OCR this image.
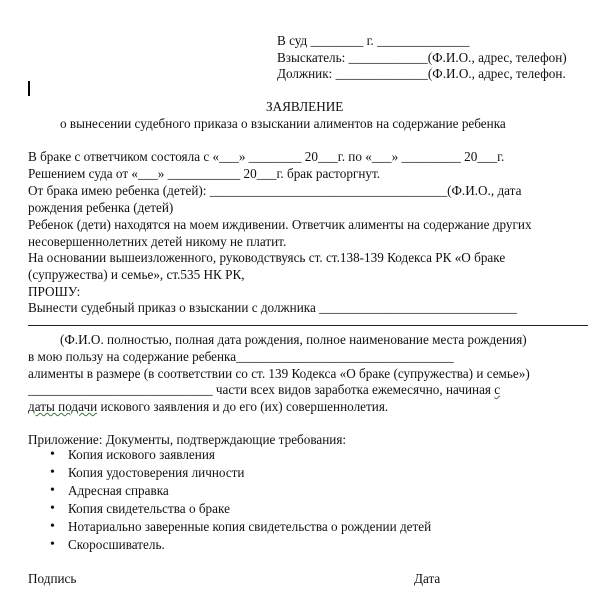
В суд ________ г. ______________
Взыскатель: ____________(Ф.И.О., адрес, телефон)
Должник: ______________(Ф.И.О., адрес, телефон.
ЗАЯВЛЕНИЕ
о вынесении судебного приказа о взыскании алиментов на содержание ребенка
В браке с ответчиком состояла с «___» ________ 20___г. по «___» _________ 20___г.
Решением суда от «___» ___________ 20___г. брак расторгнут.
От брака имею ребенка (детей): ____________________________________(Ф.И.О., дата
рождения ребенка (детей)
Ребенок (дети) находятся на моем иждивении. Ответчик алименты на содержание других
несовершеннолетних детей никому не платит.
На основании вышеизложенного, руководствуясь ст. ст.138-139 Кодекса РК «О браке
(супружества) и семье», ст.535 НК РК,
ПРОШУ:
Вынести судебный приказ о взыскании с должника ______________________________
(Ф.И.О. полностью, полная дата рождения, полное наименование места рождения)
в мою пользу на содержание ребенка_________________________________
алименты в размере (в соответствии со ст. 139 Кодекса «О браке (супружества) и семье»)
____________________________ части всех видов заработка ежемесячно, начиная с
даты подачи искового заявления и до его (их) совершеннолетия.
Приложение: Документы, подтверждающие требования:
• Копия искового заявления
• Копия удостоверения личности
• Адресная справка
• Копия свидетельства о браке
• Нотариально заверенные копия свидетельства о рождении детей
• Скоросшиватель.
Подпись	Дата
